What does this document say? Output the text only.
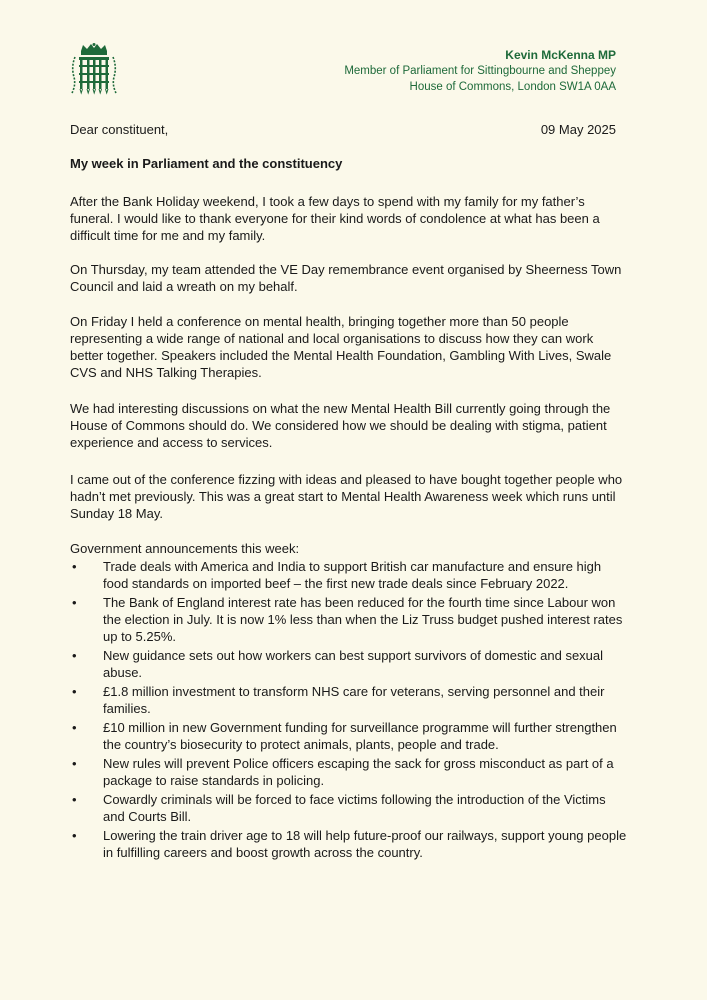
Kevin McKenna MP
Member of Parliament for Sittingbourne and Sheppey
House of Commons, London SW1A 0AA
Dear constituent,	09 May 2025
My week in Parliament and the constituency

After the Bank Holiday weekend, I took a few days to spend with my family for my father’s funeral. I would like to thank everyone for their kind words of condolence at what has been a difficult time for me and my family.

On Thursday, my team attended the VE Day remembrance event organised by Sheerness Town Council and laid a wreath on my behalf.

On Friday I held a conference on mental health, bringing together more than 50 people representing a wide range of national and local organisations to discuss how they can work better together. Speakers included the Mental Health Foundation, Gambling With Lives, Swale CVS and NHS Talking Therapies.

We had interesting discussions on what the new Mental Health Bill currently going through the House of Commons should do. We considered how we should be dealing with stigma, patient experience and access to services.

I came out of the conference fizzing with ideas and pleased to have bought together people who hadn’t met previously. This was a great start to Mental Health Awareness week which runs until Sunday 18 May.

Government announcements this week:
• Trade deals with America and India to support British car manufacture and ensure high food standards on imported beef – the first new trade deals since February 2022.
• The Bank of England interest rate has been reduced for the fourth time since Labour won the election in July. It is now 1% less than when the Liz Truss budget pushed interest rates up to 5.25%.
• New guidance sets out how workers can best support survivors of domestic and sexual abuse.
• £1.8 million investment to transform NHS care for veterans, serving personnel and their families.
• £10 million in new Government funding for surveillance programme will further strengthen the country’s biosecurity to protect animals, plants, people and trade.
• New rules will prevent Police officers escaping the sack for gross misconduct as part of a package to raise standards in policing.
• Cowardly criminals will be forced to face victims following the introduction of the Victims and Courts Bill.
• Lowering the train driver age to 18 will help future-proof our railways, support young people in fulfilling careers and boost growth across the country.
